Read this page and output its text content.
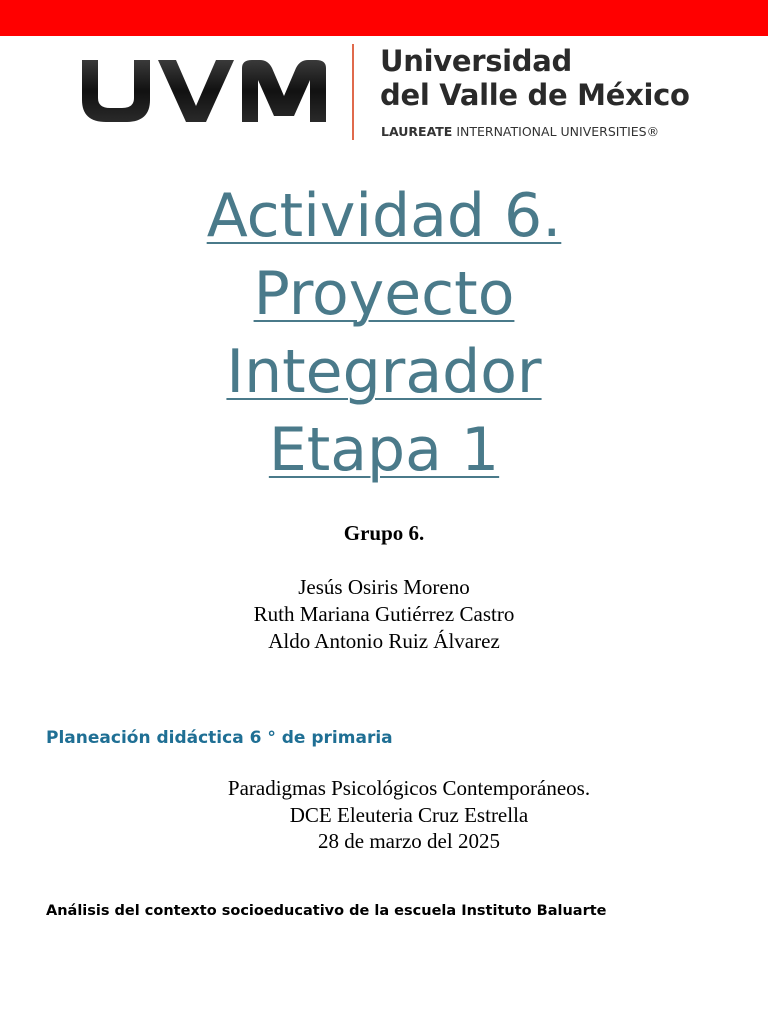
Universidad
del Valle de México
LAUREATE INTERNATIONAL UNIVERSITIES®
Actividad 6.
Proyecto
Integrador
Etapa 1
Grupo 6.
Jesús Osiris Moreno
Ruth Mariana Gutiérrez Castro
Aldo Antonio Ruiz Álvarez
Planeación didáctica 6 ° de primaria
Paradigmas Psicológicos Contemporáneos.
DCE Eleuteria Cruz Estrella
28 de marzo del 2025
Análisis del contexto socioeducativo de la escuela Instituto Baluarte
